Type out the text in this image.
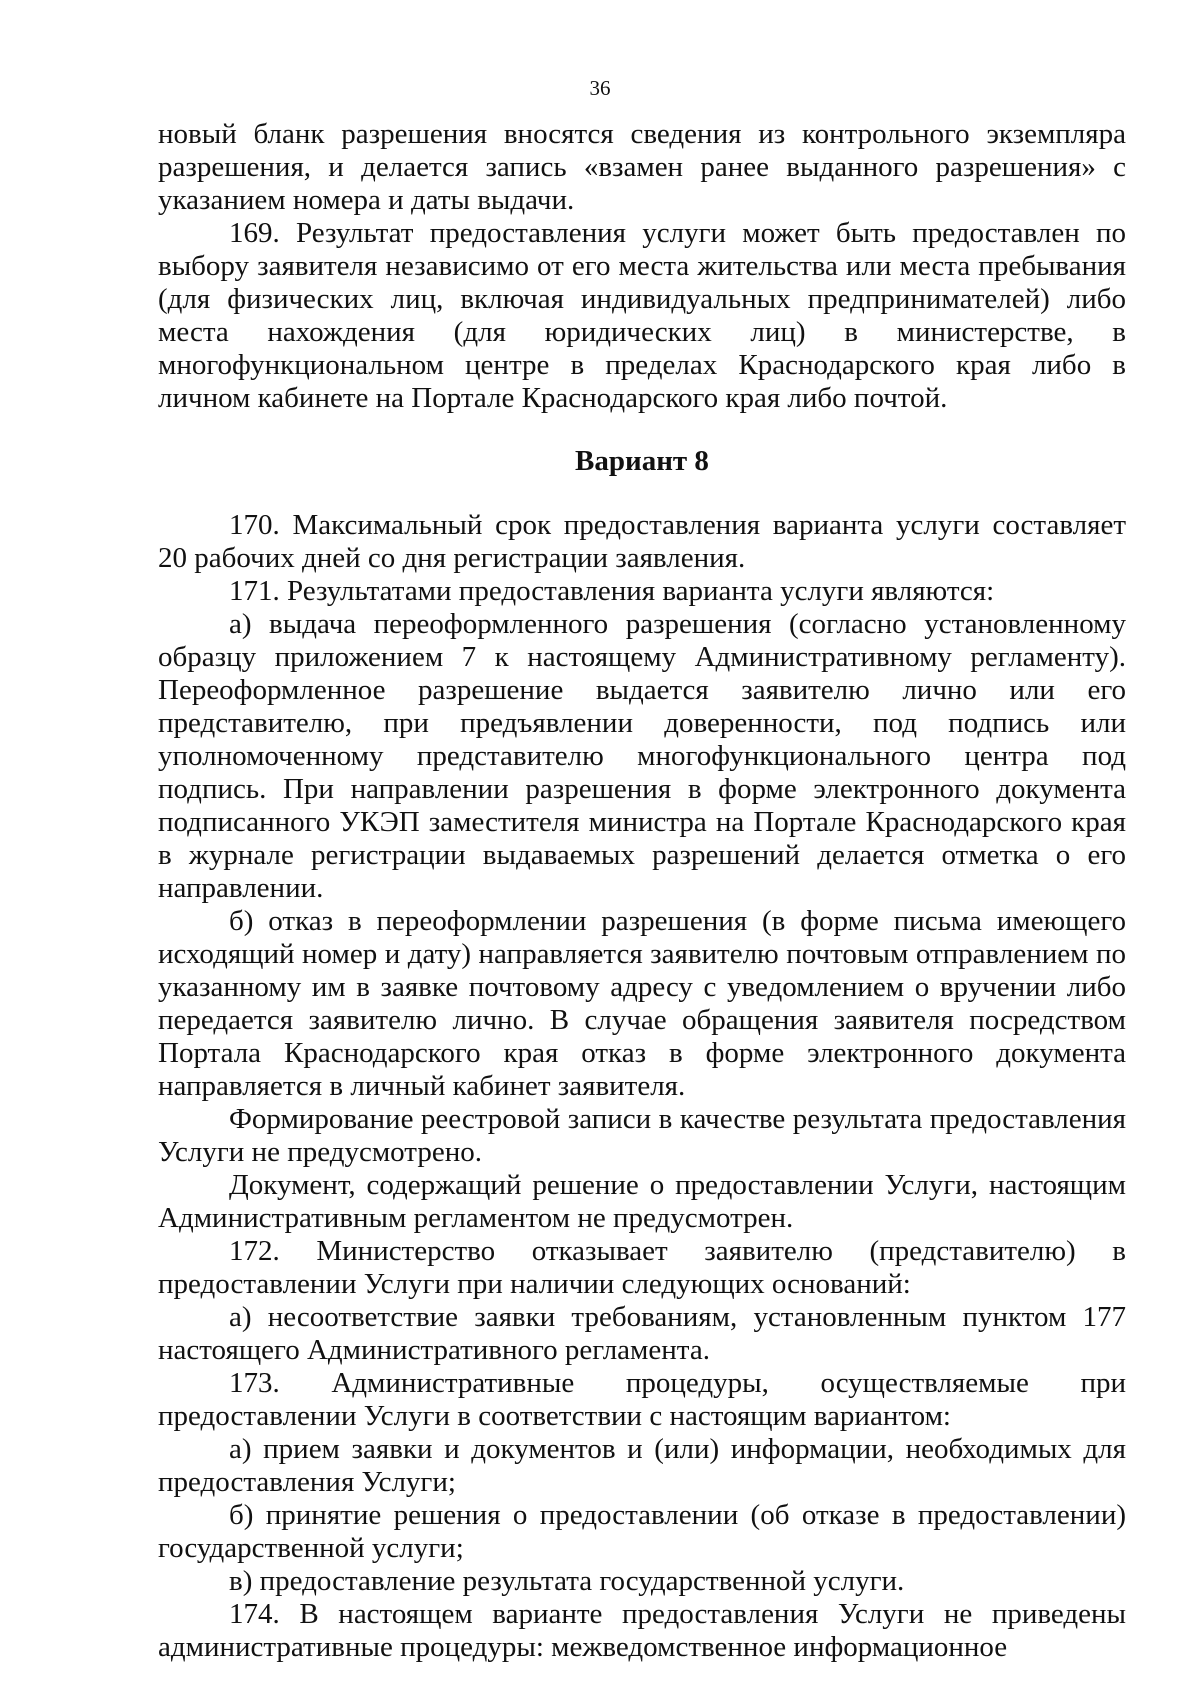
36

новый бланк разрешения вносятся сведения из контрольного экземпляра разрешения, и делается запись «взамен ранее выданного разрешения» с указанием номера и даты выдачи.

169. Результат предоставления услуги может быть предоставлен по выбору заявителя независимо от его места жительства или места пребывания (для физических лиц, включая индивидуальных предпринимателей) либо места нахождения (для юридических лиц) в министерстве, в многофункциональном центре в пределах Краснодарского края либо в личном кабинете на Портале Краснодарского края либо почтой.

Вариант 8

170. Максимальный срок предоставления варианта услуги составляет 20 рабочих дней со дня регистрации заявления.

171. Результатами предоставления варианта услуги являются:

а) выдача переоформленного разрешения (согласно установленному образцу приложением 7 к настоящему Административному регламенту). Переоформленное разрешение выдается заявителю лично или его представителю, при предъявлении доверенности, под подпись или уполномоченному представителю многофункционального центра под подпись. При направлении разрешения в форме электронного документа подписанного УКЭП заместителя министра на Портале Краснодарского края в журнале регистрации выдаваемых разрешений делается отметка о его направлении.

б) отказ в переоформлении разрешения (в форме письма имеющего исходящий номер и дату) направляется заявителю почтовым отправлением по указанному им в заявке почтовому адресу с уведомлением о вручении либо передается заявителю лично. В случае обращения заявителя посредством Портала Краснодарского края отказ в форме электронного документа направляется в личный кабинет заявителя.

Формирование реестровой записи в качестве результата предоставления Услуги не предусмотрено.

Документ, содержащий решение о предоставлении Услуги, настоящим Административным регламентом не предусмотрен.

172. Министерство отказывает заявителю (представителю) в предоставлении Услуги при наличии следующих оснований:

а) несоответствие заявки требованиям, установленным пунктом 177 настоящего Административного регламента.

173. Административные процедуры, осуществляемые при предоставлении Услуги в соответствии с настоящим вариантом:

а) прием заявки и документов и (или) информации, необходимых для предоставления Услуги;

б) принятие решения о предоставлении (об отказе в предоставлении) государственной услуги;

в) предоставление результата государственной услуги.

174. В настоящем варианте предоставления Услуги не приведены административные процедуры: межведомственное информационное
